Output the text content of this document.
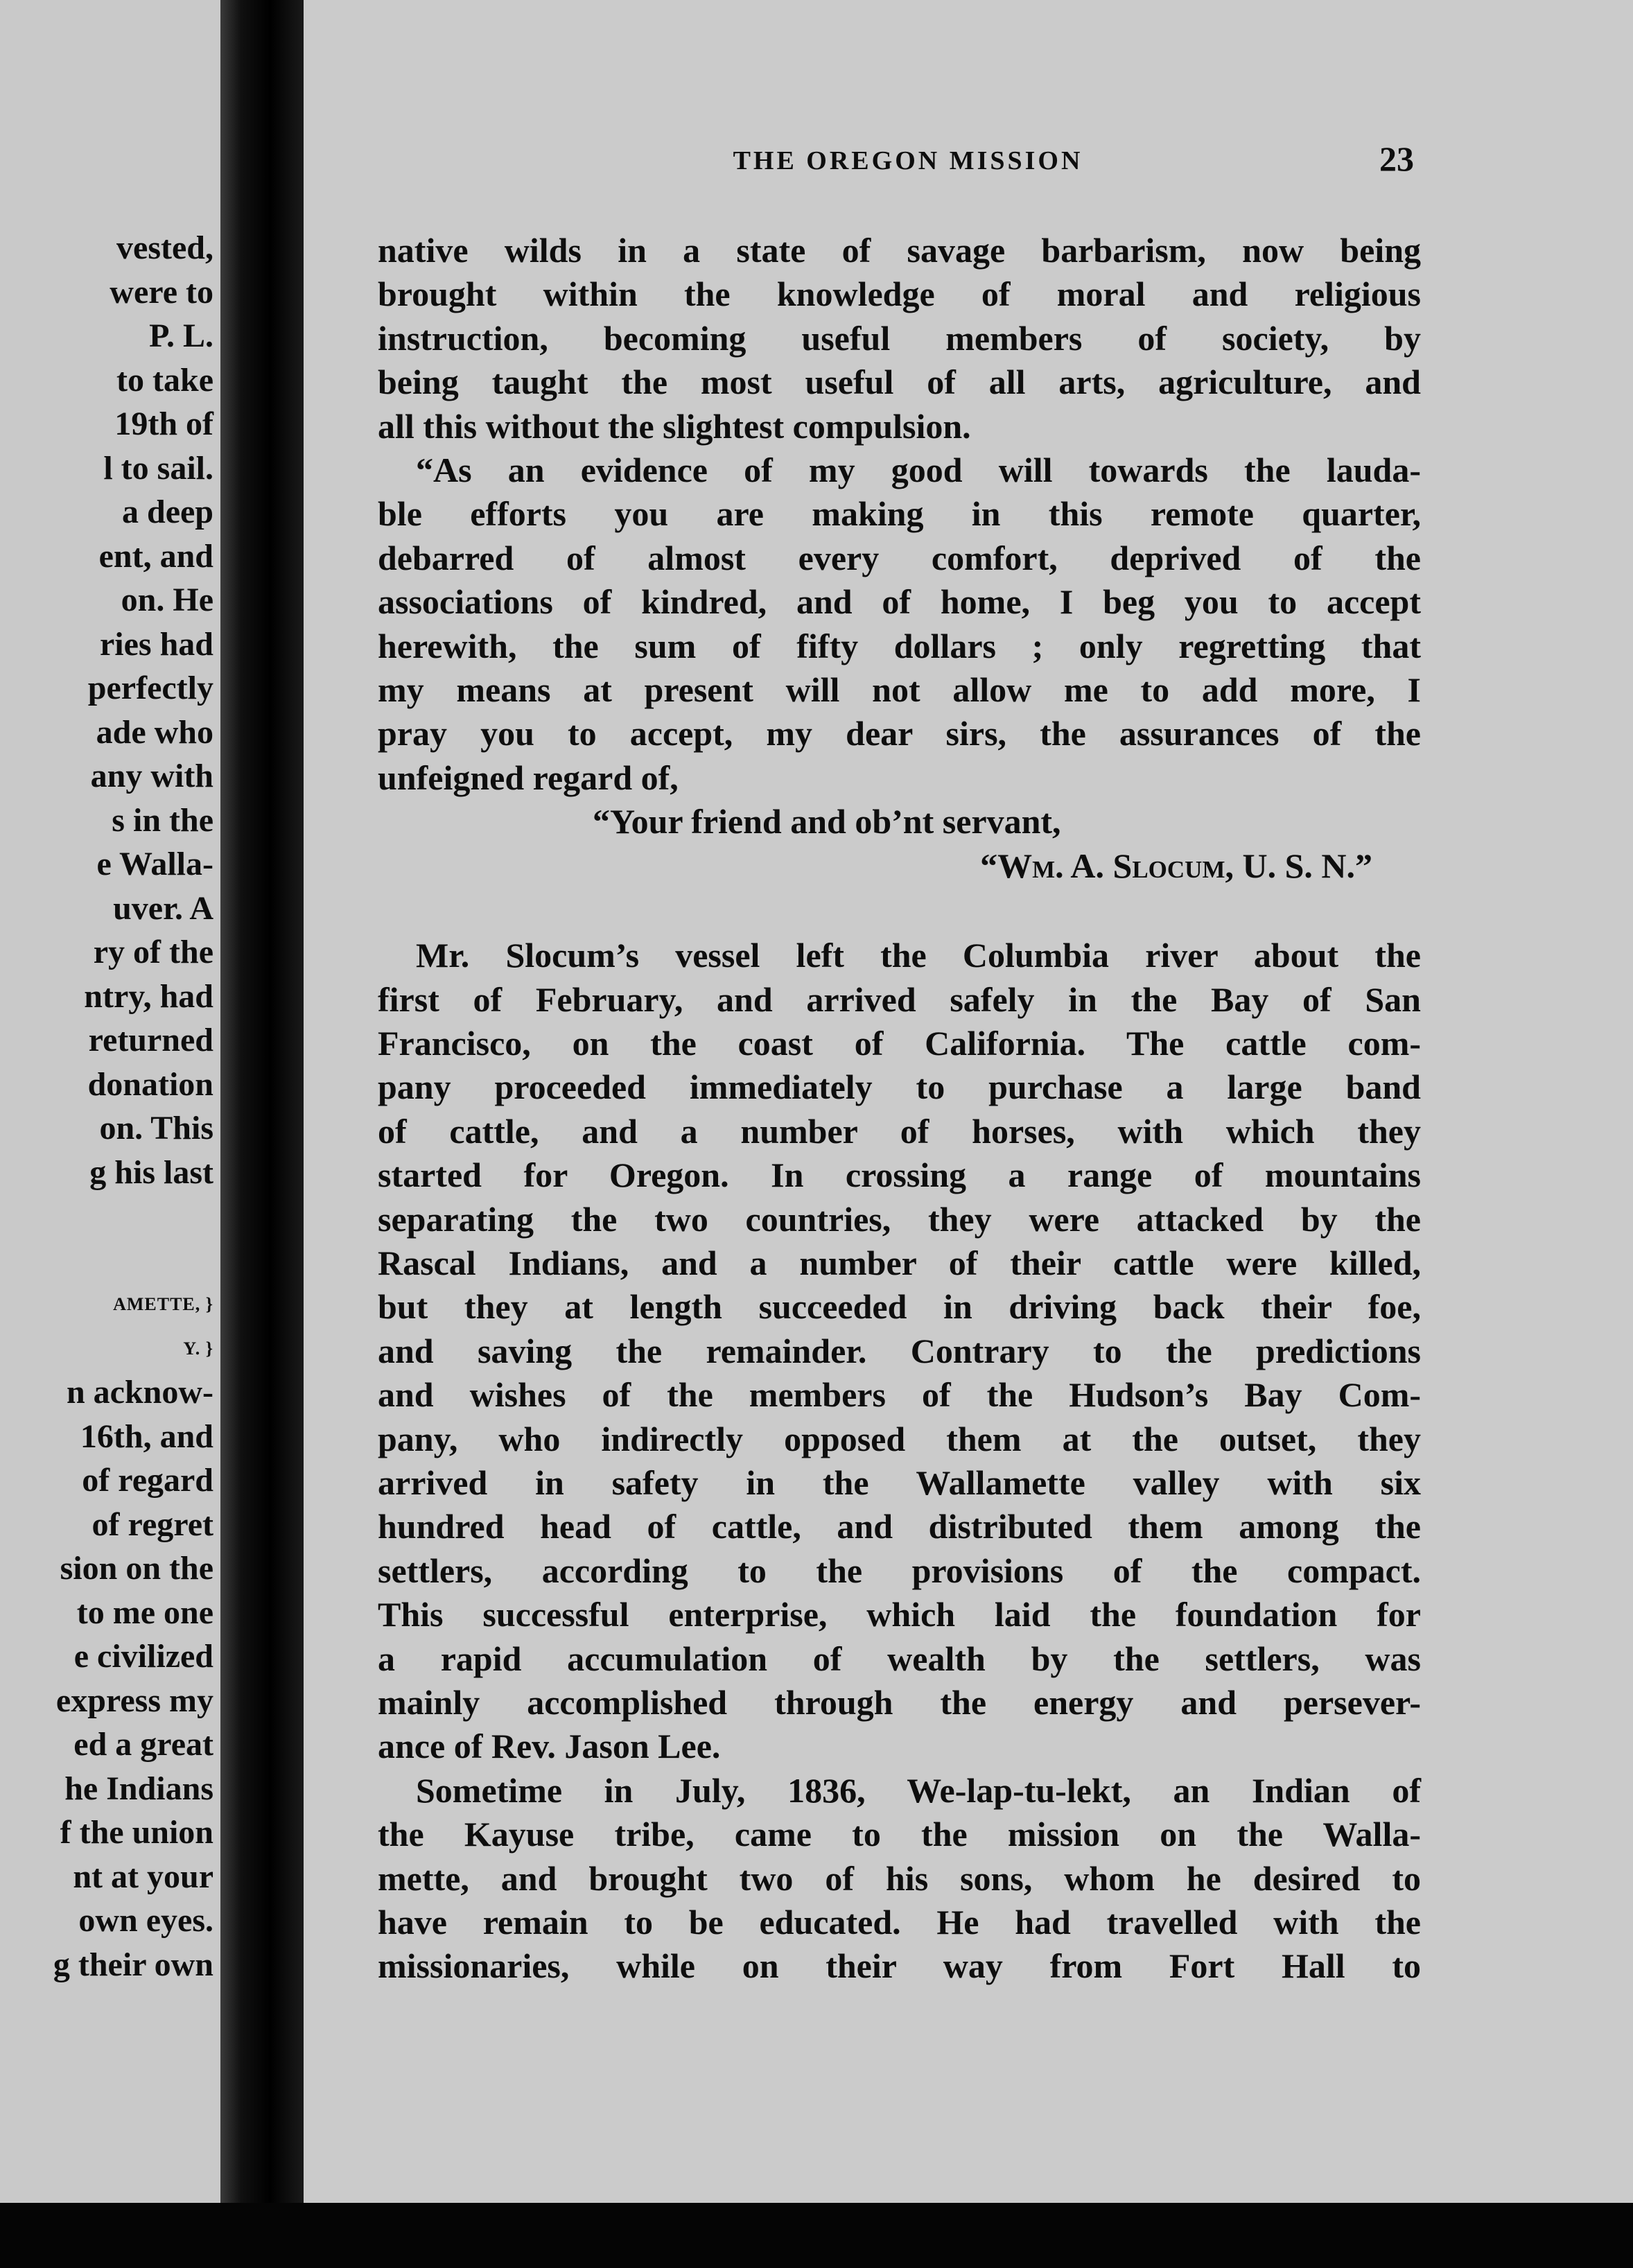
vested,
were to
P. L.
to take
19th of
l to sail.
a deep
ent, and
on. He
ries had
perfectly
ade who
any with
s in the
e Walla-
uver. A
ry of the
ntry, had
returned
donation
on. This
g his last
AMETTE, }
Y. }
n acknow-
16th, and
of regard
of regret
sion on the
to me one
e civilized
express my
ed a great
he Indians
f the union
nt at your
own eyes.
g their own
THE OREGON MISSION	23
native wilds in a state of savage barbarism, now being
brought within the knowledge of moral and religious
instruction, becoming useful members of society, by
being taught the most useful of all arts, agriculture, and
all this without the slightest compulsion.
“As an evidence of my good will towards the lauda-
ble efforts you are making in this remote quarter,
debarred of almost every comfort, deprived of the
associations of kindred, and of home, I beg you to accept
herewith, the sum of fifty dollars ; only regretting that
my means at present will not allow me to add more, I
pray you to accept, my dear sirs, the assurances of the
unfeigned regard of,
“Your friend and ob’nt servant,
“Wm. A. Slocum, U. S. N.”
Mr. Slocum’s vessel left the Columbia river about the
first of February, and arrived safely in the Bay of San
Francisco, on the coast of California. The cattle com-
pany proceeded immediately to purchase a large band
of cattle, and a number of horses, with which they
started for Oregon. In crossing a range of mountains
separating the two countries, they were attacked by the
Rascal Indians, and a number of their cattle were killed,
but they at length succeeded in driving back their foe,
and saving the remainder. Contrary to the predictions
and wishes of the members of the Hudson’s Bay Com-
pany, who indirectly opposed them at the outset, they
arrived in safety in the Wallamette valley with six
hundred head of cattle, and distributed them among the
settlers, according to the provisions of the compact.
This successful enterprise, which laid the foundation for
a rapid accumulation of wealth by the settlers, was
mainly accomplished through the energy and persever-
ance of Rev. Jason Lee.
Sometime in July, 1836, We-lap-tu-lekt, an Indian of
the Kayuse tribe, came to the mission on the Walla-
mette, and brought two of his sons, whom he desired to
have remain to be educated. He had travelled with the
missionaries, while on their way from Fort Hall to
